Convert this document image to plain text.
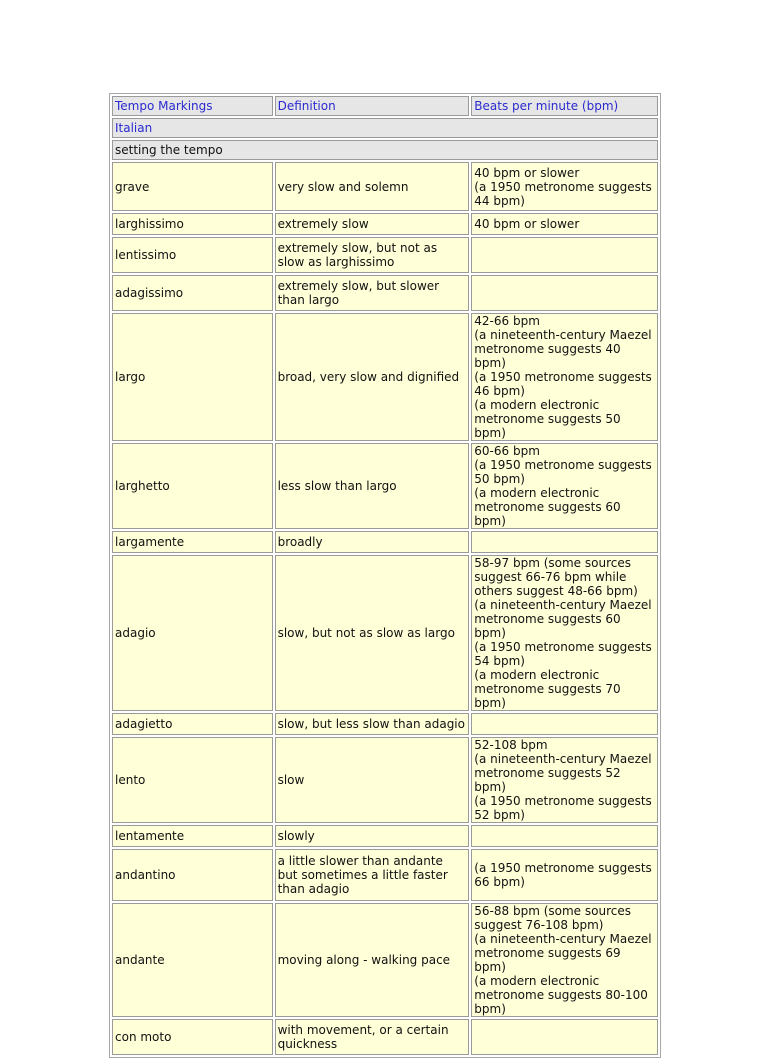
Tempo Markings	Definition	Beats per minute (bpm)
Italian		
setting the tempo		
grave	very slow and solemn	40 bpm or slower
(a 1950 metronome suggests 44 bpm)
larghissimo	extremely slow	40 bpm or slower
lentissimo	extremely slow, but not as slow as larghissimo	
adagissimo	extremely slow, but slower than largo	
largo	broad, very slow and dignified	42-66 bpm
(a nineteenth-century Maezel metronome suggests 40 bpm)
(a 1950 metronome suggests 46 bpm)
(a modern electronic metronome suggests 50 bpm)
larghetto	less slow than largo	60-66 bpm
(a 1950 metronome suggests 50 bpm)
(a modern electronic metronome suggests 60 bpm)
largamente	broadly	
adagio	slow, but not as slow as largo	58-97 bpm (some sources suggest 66-76 bpm while others suggest 48-66 bpm)
(a nineteenth-century Maezel metronome suggests 60 bpm)
(a 1950 metronome suggests 54 bpm)
(a modern electronic metronome suggests 70 bpm)
adagietto	slow, but less slow than adagio	
lento	slow	52-108 bpm
(a nineteenth-century Maezel metronome suggests 52 bpm)
(a 1950 metronome suggests 52 bpm)
lentamente	slowly	
andantino	a little slower than andante but sometimes a little faster than adagio	(a 1950 metronome suggests 66 bpm)
andante	moving along - walking pace	56-88 bpm (some sources suggest 76-108 bpm)
(a nineteenth-century Maezel metronome suggests 69 bpm)
(a modern electronic metronome suggests 80-100 bpm)
con moto	with movement, or a certain quickness	
